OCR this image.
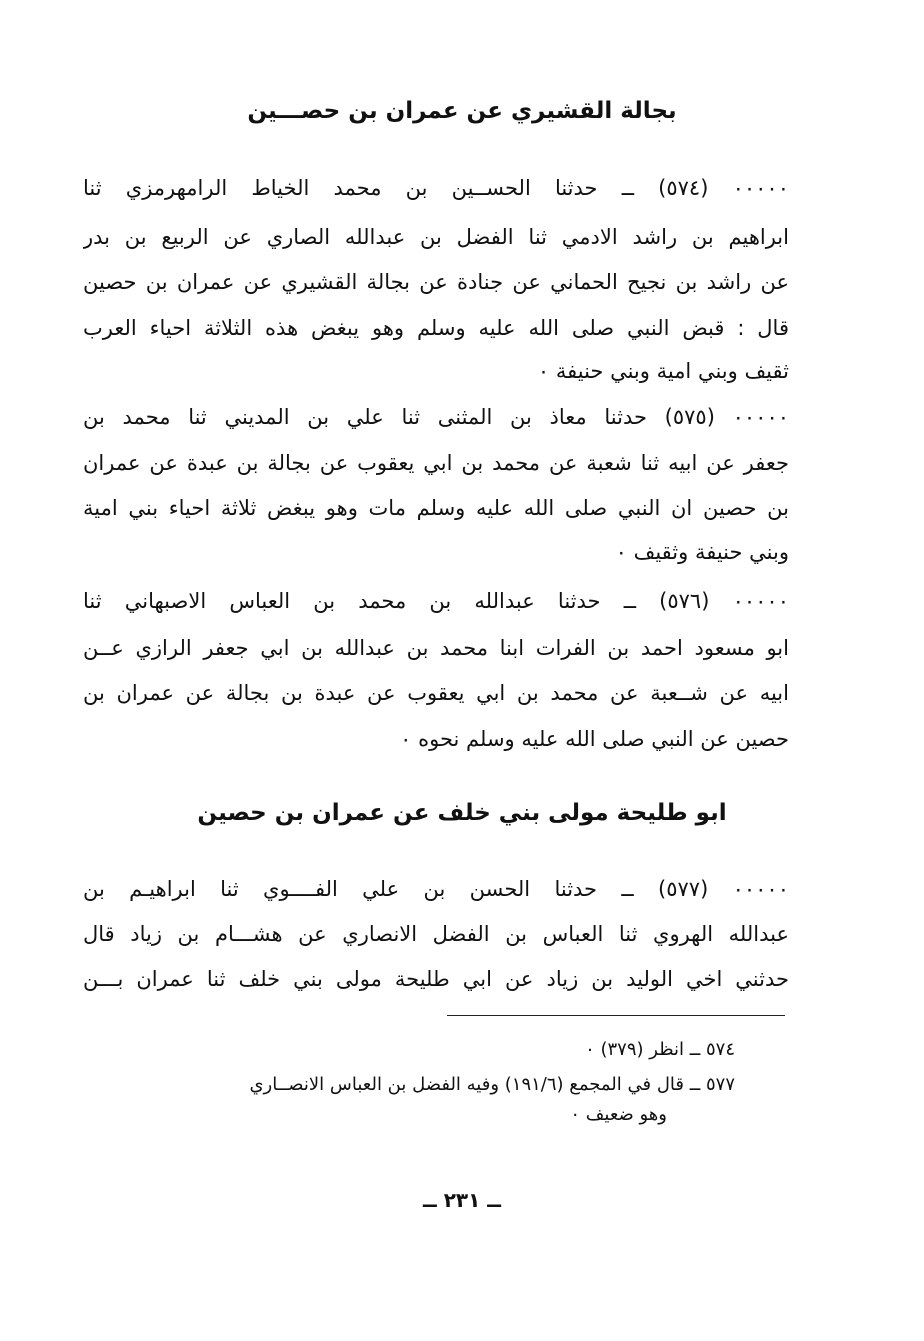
بجالة القشيري عن عمران بن حصـــين
٠٠٠٠٠ (٥٧٤) ــ حدثنا الحســين بن محمد الخياط الرامهرمزي ثنا
ابراهيم بن راشد الادمي ثنا الفضل بن عبدالله الصاري عن الربيع بن بدر
عن راشد بن نجيح الحماني عن جنادة عن بجالة القشيري عن عمران بن حصين
قال : قبض النبي صلى الله عليه وسلم وهو يبغض هذه الثلاثة احياء العرب
ثقيف وبني امية وبني حنيفة ٠
٠٠٠٠٠ (٥٧٥) حدثنا معاذ بن المثنى ثنا علي بن المديني ثنا محمد بن
جعفر عن ابيه ثنا شعبة عن محمد بن ابي يعقوب عن بجالة بن عبدة عن عمران
بن حصين ان النبي صلى الله عليه وسلم مات وهو يبغض ثلاثة احياء بني امية
وبني حنيفة وثقيف ٠
٠٠٠٠٠ (٥٧٦) ــ حدثنا عبدالله بن محمد بن العباس الاصبهاني ثنا
ابو مسعود احمد بن الفرات ابنا محمد بن عبدالله بن ابي جعفر الرازي عــن
ابيه عن شــعبة عن محمد بن ابي يعقوب عن عبدة بن بجالة عن عمران بن
حصين عن النبي صلى الله عليه وسلم نحوه ٠
ابو طليحة مولى بني خلف عن عمران بن حصين
٠٠٠٠٠ (٥٧٧) ــ حدثنا الحسن بن علي الفــــوي ثنا ابراهيـم بن
عبدالله الهروي ثنا العباس بن الفضل الانصاري عن هشـــام بن زياد قال
حدثني اخي الوليد بن زياد عن ابي طليحة مولى بني خلف ثنا عمران بـــن
٥٧٤ ــ انظر (٣٧٩) ٠
٥٧٧ ــ قال في المجمع (١٩١/٦) وفيه الفضل بن العباس الانصــاري
وهو ضعيف ٠
ــ ٢٣١ ــ
